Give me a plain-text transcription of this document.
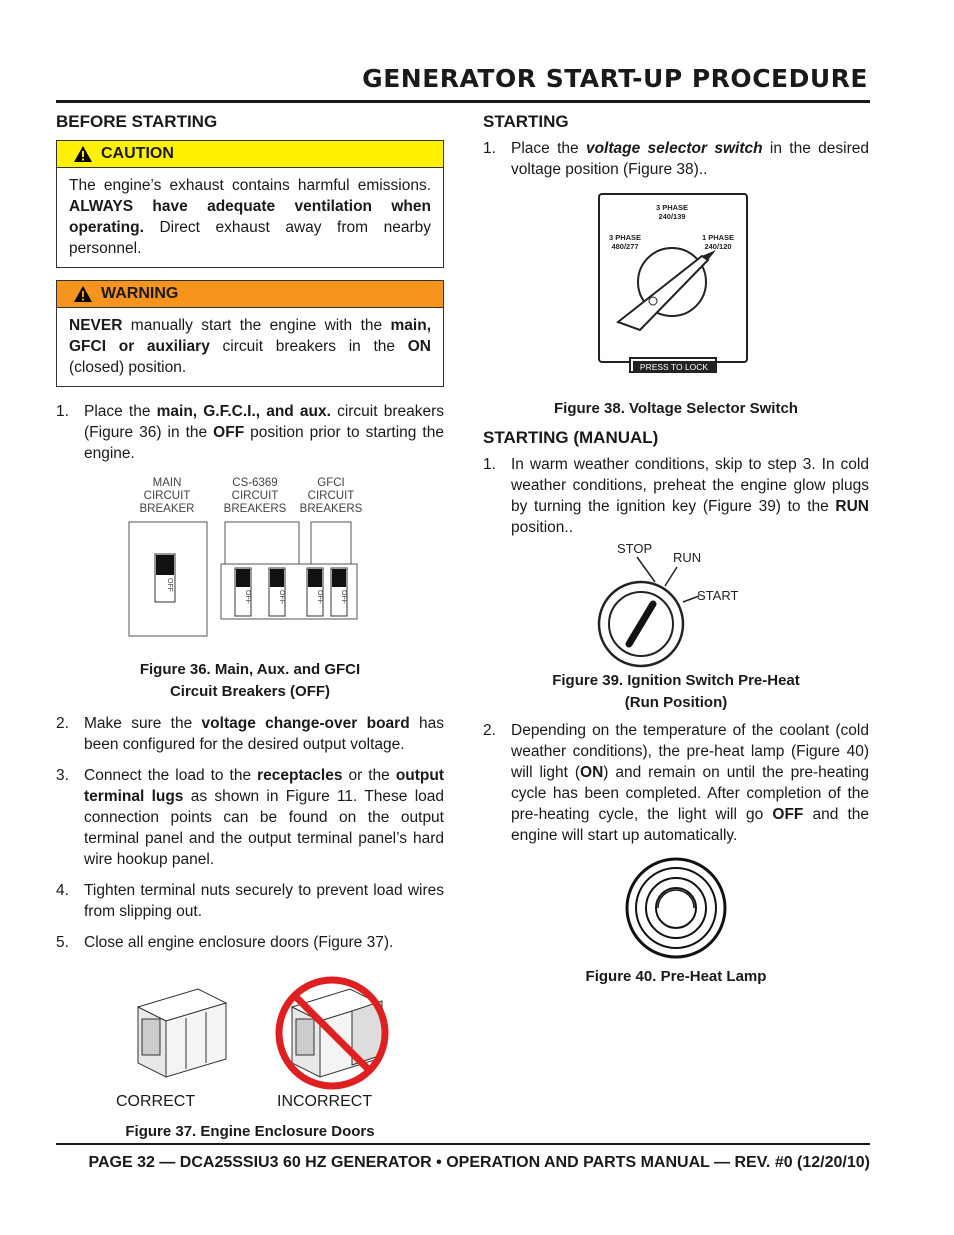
GENERATOR START-UP PROCEDURE
BEFORE STARTING
CAUTION
The engine’s exhaust contains harmful emissions. ALWAYS have adequate ventilation when operating. Direct exhaust away from nearby personnel.
WARNING
NEVER manually start the engine with the main, GFCI or auxiliary circuit breakers in the ON (closed) position.
1. Place the main, G.F.C.I., and aux. circuit breakers (Figure 36) in the OFF position prior to starting the engine.
MAIN
CIRCUIT
BREAKER
CS-6369
CIRCUIT
BREAKERS
GFCI
CIRCUIT
BREAKERS
OFF
OFF	OFF	OFF OFF
Figure 36. Main, Aux. and GFCI
Circuit Breakers (OFF)
2. Make sure the voltage change-over board has been configured for the desired output voltage.
3. Connect the load to the receptacles or the output terminal lugs as shown in Figure 11. These load connection points can be found on the output terminal panel and the output terminal panel’s hard wire hookup panel.
4. Tighten terminal nuts securely to prevent load wires from slipping out.
5. Close all engine enclosure doors (Figure 37).
CORRECT	INCORRECT
Figure 37. Engine Enclosure Doors
STARTING
1. Place the voltage selector switch in the desired voltage position (Figure 38)..
PRESS TO LOCK
3 PHASE
240/139
3 PHASE
480/277
1 PHASE
240/120
Figure 38. Voltage Selector Switch
STARTING (MANUAL)
1. In warm weather conditions, skip to step 3. In cold weather conditions, preheat the engine glow plugs by turning the ignition key (Figure 39) to the RUN position..
STOP
RUN
START
Figure 39. Ignition Switch Pre-Heat
(Run Position)
2. Depending on the temperature of the coolant (cold weather conditions), the pre-heat lamp (Figure 40) will light (ON) and remain on until the pre-heating cycle has been completed. After completion of the pre-heating cycle, the light will go OFF and the engine will start up automatically.
Figure 40. Pre-Heat Lamp
PAGE 32 — DCA25SSIU3 60 HZ GENERATOR • OPERATION AND PARTS MANUAL — REV. #0 (12/20/10)
